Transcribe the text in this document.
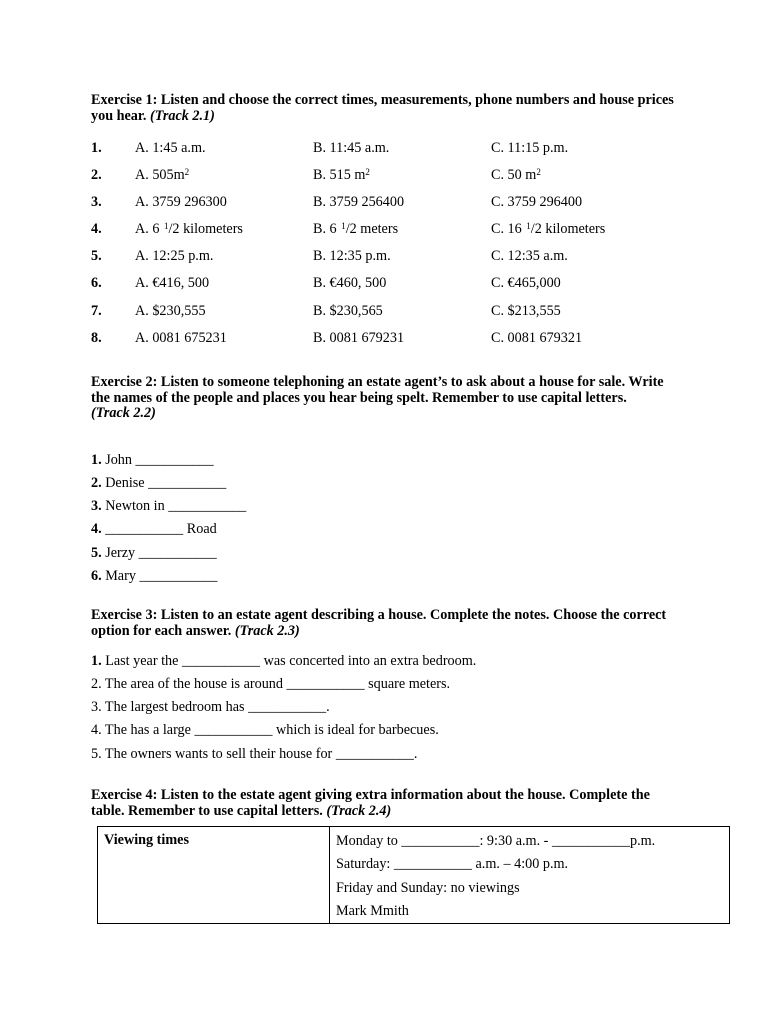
Exercise 1: Listen and choose the correct times, measurements, phone numbers and house prices you hear. (Track 2.1)
1. A. 1:45 a.m.	B. 11:45 a.m.	C. 11:15 p.m.
2. A. $505m^2$	B. 515 $m^2$	C. 50 $m^2$
3. A. 3759 296300	B. 3759 256400	C. 3759 296400
4. A. 6 $^1$/2 kilometers	B. 6 $^1$/2 meters	C. 16 $^1$/2 kilometers
5. A. 12:25 p.m.	B. 12:35 p.m.	C. 12:35 a.m.
6. A. €416, 500	B. €460, 500	C. €465,000
7. A. $230,555	B. $230,565	C. $213,555
8. A. 0081 675231	B. 0081 679231	C. 0081 679321
Exercise 2: Listen to someone telephoning an estate agent’s to ask about a house for sale. Write the names of the people and places you hear being spelt. Remember to use capital letters.
(Track 2.2)
1. John ___________
2. Denise ___________
3. Newton in ___________
4. ___________ Road
5. Jerzy ___________
6. Mary ___________
Exercise 3: Listen to an estate agent describing a house. Complete the notes. Choose the correct option for each answer. (Track 2.3)
1. Last year the ___________ was concerted into an extra bedroom.
2. The area of the house is around ___________ square meters.
3. The largest bedroom has ___________.
4. The has a large ___________ which is ideal for barbecues.
5. The owners wants to sell their house for ___________.
Exercise 4: Listen to the estate agent giving extra information about the house. Complete the table. Remember to use capital letters. (Track 2.4)
Viewing times	Monday to ___________: 9:30 a.m. - ___________p.m.
Saturday: ___________ a.m. – 4:00 p.m.
Friday and Sunday: no viewings
Mark Mmith
